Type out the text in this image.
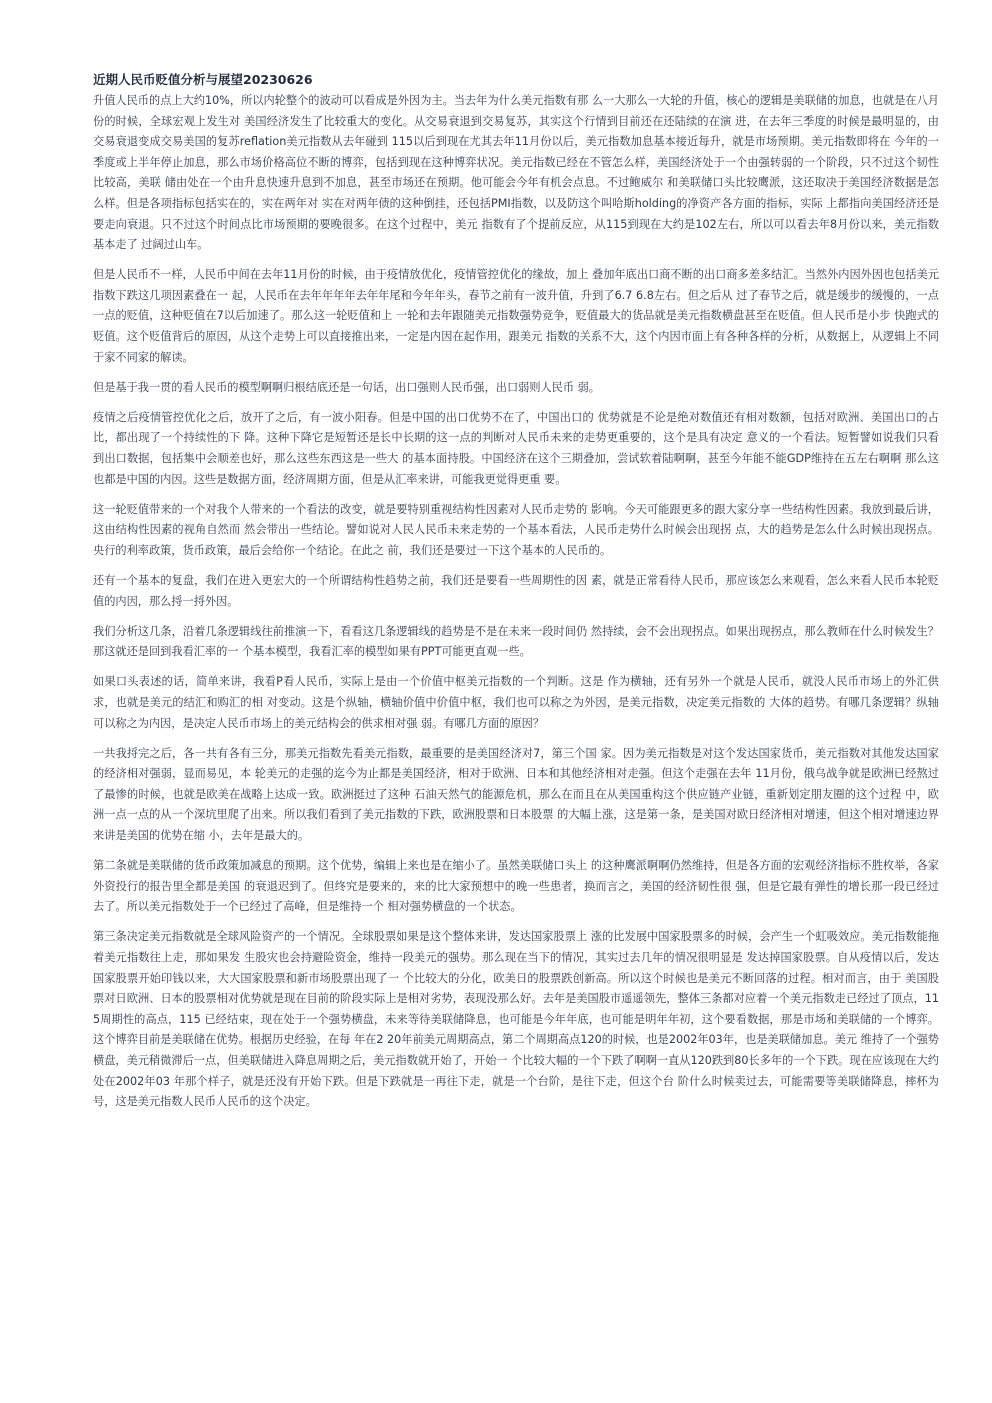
近期人民币贬值分析与展望20230626

升值人民币的点上大约10%，所以内轮整个的波动可以看成是外因为主。当去年为什么美元指数有那 么一大那么一大轮的升值，核心的逻辑是美联储的加息，也就是在八月份的时候，全球宏观上发生对 美国经济发生了比较重大的变化。从交易衰退到交易复苏，其实这个行情到目前还在还陆续的在演 进，在去年三季度的时候是最明显的，由交易衰退变成交易美国的复苏reflation美元指数从去年碰到 115以后到现在尤其去年11月份以后，美元指数加息基本接近每升，就是市场预期。美元指数即将在 今年的一季度或上半年停止加息，那么市场价格高位不断的博弈，包括到现在这种博弈状况。美元指数已经在不管怎么样，美国经济处于一个由强转弱的一个阶段，只不过这个韧性比较高，美联 储由处在一个由升息快速升息到不加息，甚至市场还在预期。他可能会今年有机会点息。不过鲍威尔 和美联储口头比较鹰派，这还取决于美国经济数据是怎么样。但是各项指标包括实在的，实在两年对 实在对两年债的这种倒挂，还包括PMI指数，以及防这个叫哈斯holding的净资产各方面的指标，实际 上都指向美国经济还是要走向衰退。只不过这个时间点比市场预期的要晚很多。在这个过程中，美元 指数有了个提前反应，从115到现在大约是102左右，所以可以看去年8月份以来，美元指数基本走了 过阔过山车。

但是人民币不一样，人民币中间在去年11月份的时候，由于疫情放优化，疫情管控优化的缘故，加上 叠加年底出口商不断的出口商多差多结汇。当然外内因外因也包括美元指数下跌这几项因素叠在一 起，人民币在去年年年年去年年尾和今年年头，春节之前有一波升值，升到了6.7 6.8左右。但之后从 过了春节之后，就是缓步的缓慢的，一点一点的贬值，这种贬值在7以后加速了。那么这一轮贬值和上 一轮和去年跟随美元指数强势竞争，贬值最大的货品就是美元指数横盘甚至在贬值。但人民币是小步 快跑式的贬值。这个贬值背后的原因，从这个走势上可以直接推出来，一定是内因在起作用，跟美元 指数的关系不大，这个内因市面上有各种各样的分析，从数据上，从逻辑上不同于家不同家的解读。

但是基于我一贯的看人民币的模型啊啊归根结底还是一句话，出口强则人民币强，出口弱则人民币 弱。

疫情之后疫情管控优化之后，放开了之后，有一波小阳春。但是中国的出口优势不在了，中国出口的 优势就是不论是绝对数值还有相对数额，包括对欧洲、美国出口的占比，都出现了一个持续性的下 降。这种下降它是短暂还是长中长期的这一点的判断对人民币未来的走势更重要的，这个是具有决定 意义的一个看法。短暂譬如说我们只看到出口数据，包括集中会顺差也好，那么这些东西这是一些大 的基本面持股。中国经济在这个三期叠加，尝试软着陆啊啊，甚至今年能不能GDP维持在五左右啊啊 那么这也都是中国的内因。这些是数据方面，经济周期方面，但是从汇率来讲，可能我更觉得更重 要。

这一轮贬值带来的一个对我个人带来的一个看法的改变，就是要特别重视结构性因素对人民币走势的 影响。今天可能跟更多的跟大家分享一些结构性因素。我放到最后讲，这由结构性因素的视角自然而 然会带出一些结论。譬如说对人民人民币未来走势的一个基本看法，人民币走势什么时候会出现拐 点，大的趋势是怎么什么时候出现拐点。央行的利率政策，货币政策，最后会给你一个结论。在此之 前，我们还是要过一下这个基本的人民币的。

还有一个基本的复盘，我们在进入更宏大的一个所谓结构性趋势之前，我们还是要看一些周期性的因 素，就是正常看待人民币，那应该怎么来观看，怎么来看人民币本轮贬值的内因，那么捋一捋外因。

我们分析这几条，沿着几条逻辑线往前推演一下，看看这几条逻辑线的趋势是不是在未来一段时间仍 然持续，会不会出现拐点。如果出现拐点，那么教师在什么时候发生？那这就还是回到我看汇率的一 个基本模型，我看汇率的模型如果有PPT可能更直观一些。

如果口头表述的话，简单来讲，我看P看人民币，实际上是由一个价值中枢美元指数的一个判断。这是 作为横轴，还有另外一个就是人民币，就没人民币市场上的外汇供求，也就是美元的结汇和购汇的相 对变动。这是个纵轴，横轴价值中价值中枢，我们也可以称之为外因，是美元指数，决定美元指数的 大体的趋势。有哪几条逻辑？纵轴可以称之为内因，是决定人民币市场上的美元结构会的供求相对强 弱。有哪几方面的原因？

一共我捋完之后，各一共有各有三分，那美元指数先看美元指数，最重要的是美国经济对7，第三个国 家。因为美元指数是对这个发达国家货币，美元指数对其他发达国家的经济相对强弱，显而易见，本 轮美元的走强的迄今为止都是美国经济，相对于欧洲、日本和其他经济相对走强。但这个走强在去年 11月份，俄乌战争就是欧洲已经熬过了最惨的时候，也就是欧美在战略上达成一致。欧洲挺过了这种 石油天然气的能源危机，那么在而且在从美国重构这个供应链产业链，重新划定朋友圈的这个过程 中，欧洲一点一点的从一个深坑里爬了出来。所以我们看到了美元指数的下跌，欧洲股票和日本股票 的大幅上涨，这是第一条，是美国对欧日经济相对增速，但这个相对增速边界来讲是美国的优势在缩 小，去年是最大的。

第二条就是美联储的货币政策加减息的预期。这个优势，编辑上来也是在缩小了。虽然美联储口头上 的这种鹰派啊啊仍然维持，但是各方面的宏观经济指标不胜枚举，各家外资投行的报告里全都是美国 的衰退迟到了。但终究是要来的，来的比大家预想中的晚一些患者，换而言之，美国的经济韧性很 强，但是它最有弹性的增长那一段已经过去了。所以美元指数处于一个已经过了高峰，但是维持一个 相对强势横盘的一个状态。

第三条决定美元指数就是全球风险资产的一个情况。全球股票如果是这个整体来讲，发达国家股票上 涨的比发展中国家股票多的时候，会产生一个虹吸效应。美元指数能拖着美元指数往上走，那如果发 生股灾也会持避险资金，维持一段美元的强势。那么现在当下的情况，其实过去几年的情况很明显是 发达掉国家股票。自从疫情以后，发达国家股票开始印钱以来，大大国家股票和新市场股票出现了一 个比较大的分化，欧美日的股票跌创新高。所以这个时候也是美元不断回落的过程。相对而言，由于 美国股票对日欧洲、日本的股票相对优势就是现在目前的阶段实际上是相对劣势，表现没那么好。去年是美国股市遥遥领先，整体三条都对应着一个美元指数走已经过了顶点，115周期性的高点，115 已经结束，现在处于一个强势横盘，未来等待美联储降息，也可能是今年年底，也可能是明年年初，这个要看数据，那是市场和美联储的一个博弈。这个博弈目前是美联储在优势。根据历史经验，在每 年在2 20年前美元周期高点，第二个周期高点120的时候，也是2002年03年，也是美联储加息。美元 维持了一个强势横盘，美元稍微滞后一点，但美联储进入降息周期之后，美元指数就开始了，开始一 个比较大幅的一个下跌了啊啊一直从120跌到80长多年的一个下跌。现在应该现在大约处在2002年03 年那个样子，就是还没有开始下跌。但是下跌就是一再往下走，就是一个台阶，是往下走，但这个台 阶什么时候卖过去，可能需要等美联储降息，摔杯为号，这是美元指数人民币人民币的这个决定。
